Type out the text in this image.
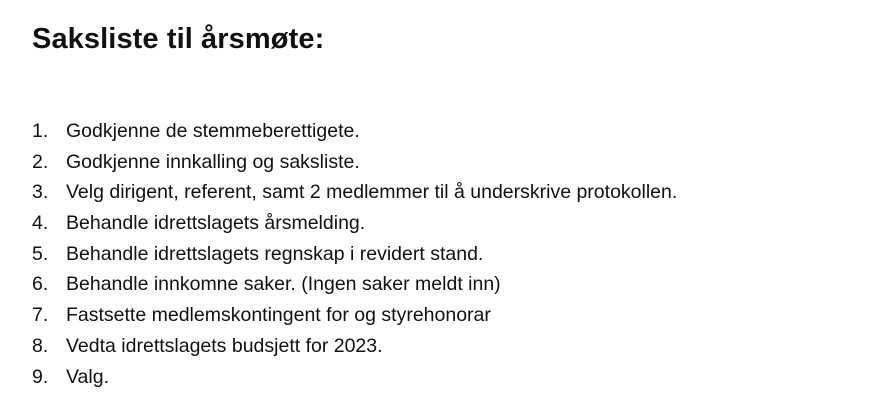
Saksliste til årsmøte:
1. Godkjenne de stemmeberettigete.
2. Godkjenne innkalling og saksliste.
3. Velg dirigent, referent, samt 2 medlemmer til å underskrive protokollen.
4. Behandle idrettslagets årsmelding.
5. Behandle idrettslagets regnskap i revidert stand.
6. Behandle innkomne saker. (Ingen saker meldt inn)
7. Fastsette medlemskontingent for og styrehonorar
8. Vedta idrettslagets budsjett for 2023.
9. Valg.
